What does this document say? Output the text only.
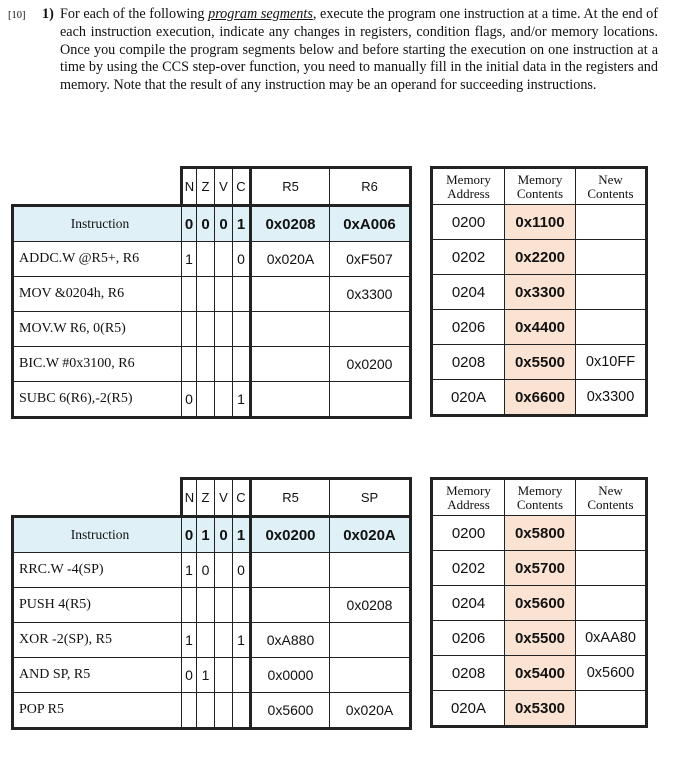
[10] 1) For each of the following program segments, execute the program one instruction at a time. At the end of each instruction execution, indicate any changes in registers, condition flags, and/or memory locations. Once you compile the program segments below and before starting the execution on one instruction at a time by using the CCS step-over function, you need to manually fill in the initial data in the registers and memory. Note that the result of any instruction may be an operand for succeeding instructions.
	N	Z	V	C	R5	R6
Instruction	0	0	0	1	0x0208	0xA006
ADDC.W @R5+, R6	1			0	0x020A	0xF507
MOV &0204h, R6						0x3300
MOV.W R6, 0(R5)						
BIC.W #0x3100, R6						0x0200
SUBC 6(R6),-2(R5)	0			1		
Memory Address	Memory Contents	New Contents
0200	0x1100	
0202	0x2200	
0204	0x3300	
0206	0x4400	
0208	0x5500	0x10FF
020A	0x6600	0x3300
	N	Z	V	C	R5	SP
Instruction	0	1	0	1	0x0200	0x020A
RRC.W -4(SP)	1	0		0		
PUSH 4(R5)						0x0208
XOR -2(SP), R5	1			1	0xA880	
AND SP, R5	0	1			0x0000	
POP R5					0x5600	0x020A
Memory Address	Memory Contents	New Contents
0200	0x5800	
0202	0x5700	
0204	0x5600	
0206	0x5500	0xAA80
0208	0x5400	0x5600
020A	0x5300	
